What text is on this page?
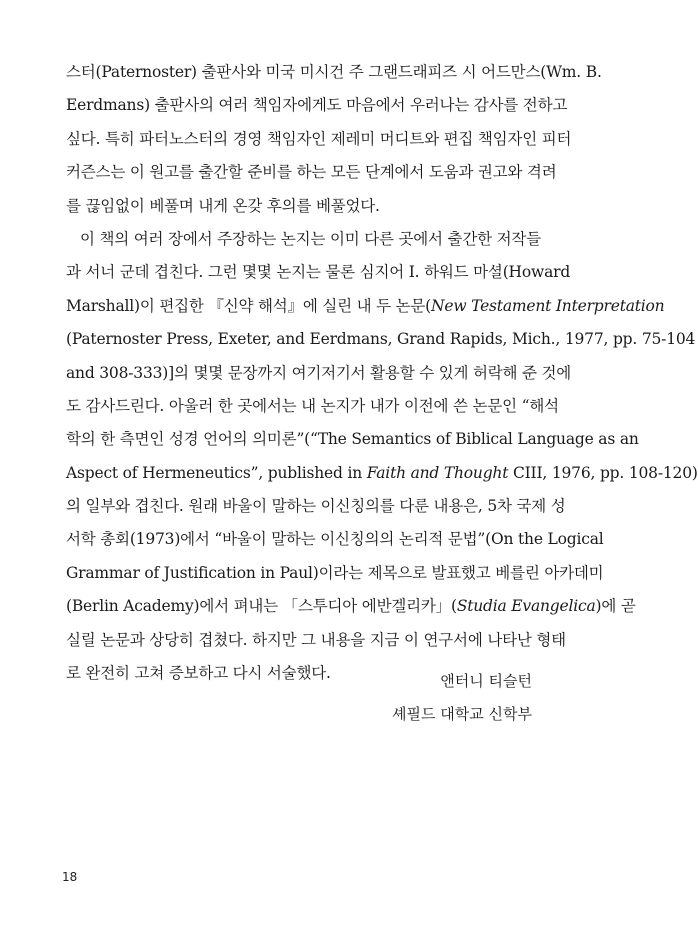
스터(Paternoster) 출판사와 미국 미시건 주 그랜드래피즈 시 어드만스(Wm. B.
Eerdmans) 출판사의 여러 책임자에게도 마음에서 우러나는 감사를 전하고
싶다. 특히 파터노스터의 경영 책임자인 제레미 머디트와 편집 책임자인 피터
커즌스는 이 원고를 출간할 준비를 하는 모든 단계에서 도움과 권고와 격려
를 끊임없이 베풀며 내게 온갖 후의를 베풀었다.
이 책의 여러 장에서 주장하는 논지는 이미 다른 곳에서 출간한 저작들
과 서너 군데 겹친다. 그런 몇몇 논지는 물론 심지어 I. 하워드 마셜(Howard
Marshall)이 편집한 『신약 해석』에 실린 내 두 논문(New Testament Interpretation
(Paternoster Press, Exeter, and Eerdmans, Grand Rapids, Mich., 1977, pp. 75-104
and 308-333)]의 몇몇 문장까지 여기저기서 활용할 수 있게 허락해 준 것에
도 감사드린다. 아울러 한 곳에서는 내 논지가 내가 이전에 쓴 논문인 “해석
학의 한 측면인 성경 언어의 의미론”(“The Semantics of Biblical Language as an
Aspect of Hermeneutics”, published in Faith and Thought CIII, 1976, pp. 108-120)
의 일부와 겹친다. 원래 바울이 말하는 이신칭의를 다룬 내용은, 5차 국제 성
서학 총회(1973)에서 “바울이 말하는 이신칭의의 논리적 문법”(On the Logical
Grammar of Justification in Paul)이라는 제목으로 발표했고 베를린 아카데미
(Berlin Academy)에서 펴내는 「스투디아 에반겔리카」(Studia Evangelica)에 곧
실릴 논문과 상당히 겹쳤다. 하지만 그 내용을 지금 이 연구서에 나타난 형태
로 완전히 고쳐 증보하고 다시 서술했다.	앤터니 티슬턴
셰필드 대학교 신학부
18
